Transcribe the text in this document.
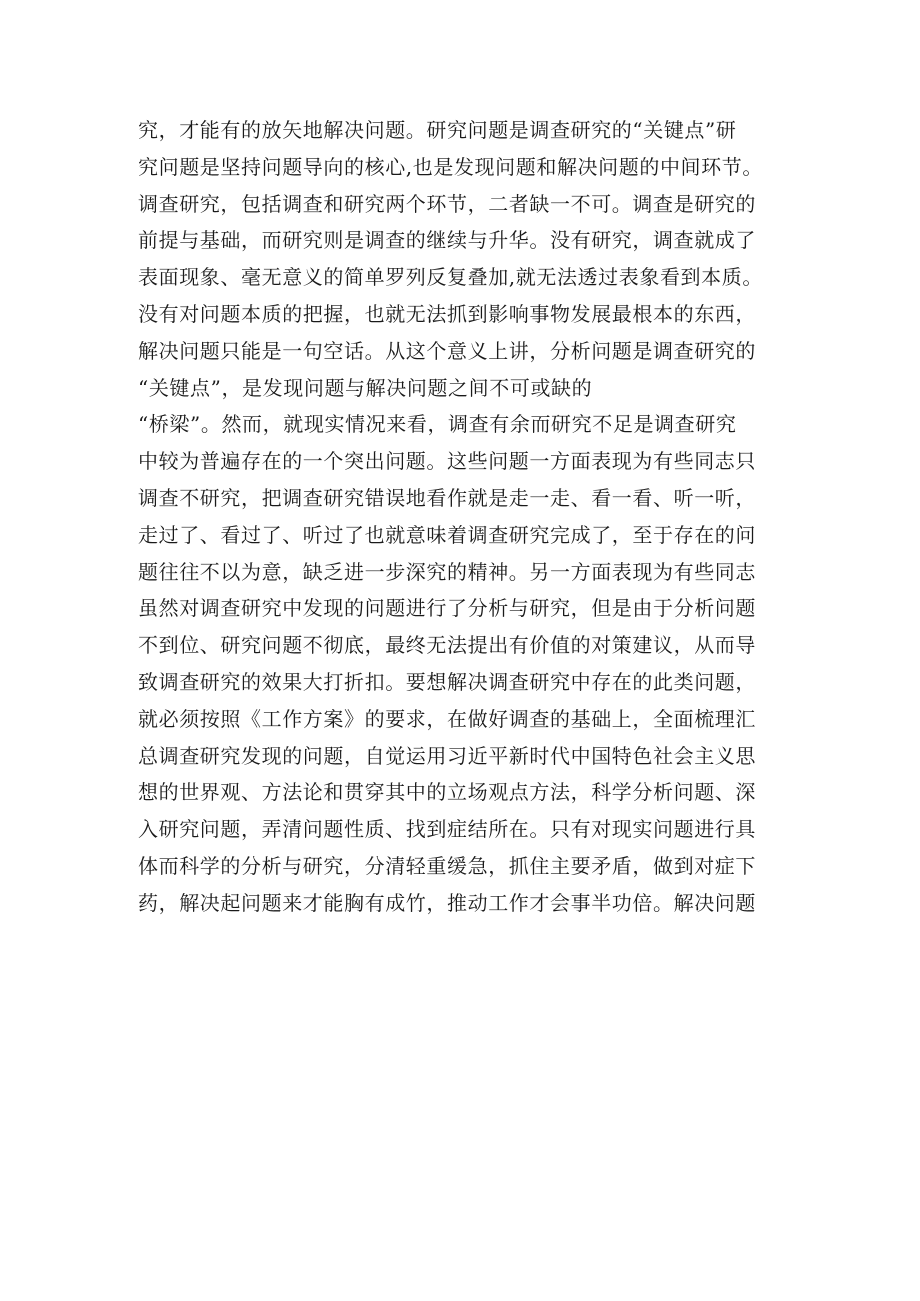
究，才能有的放矢地解决问题。研究问题是调查研究的“关键点”研
究问题是坚持问题导向的核心,也是发现问题和解决问题的中间环节。
调查研究，包括调查和研究两个环节，二者缺一不可。调查是研究的
前提与基础，而研究则是调查的继续与升华。没有研究，调查就成了
表面现象、毫无意义的简单罗列反复叠加,就无法透过表象看到本质。
没有对问题本质的把握，也就无法抓到影响事物发展最根本的东西，
解决问题只能是一句空话。从这个意义上讲，分析问题是调查研究的
“关键点”，是发现问题与解决问题之间不可或缺的
“桥梁”。然而，就现实情况来看，调查有余而研究不足是调查研究
中较为普遍存在的一个突出问题。这些问题一方面表现为有些同志只
调查不研究，把调查研究错误地看作就是走一走、看一看、听一听，
走过了、看过了、听过了也就意味着调查研究完成了，至于存在的问
题往往不以为意，缺乏进一步深究的精神。另一方面表现为有些同志
虽然对调查研究中发现的问题进行了分析与研究，但是由于分析问题
不到位、研究问题不彻底，最终无法提出有价值的对策建议，从而导
致调查研究的效果大打折扣。要想解决调查研究中存在的此类问题，
就必须按照《工作方案》的要求，在做好调查的基础上，全面梳理汇
总调查研究发现的问题，自觉运用习近平新时代中国特色社会主义思
想的世界观、方法论和贯穿其中的立场观点方法，科学分析问题、深
入研究问题，弄清问题性质、找到症结所在。只有对现实问题进行具
体而科学的分析与研究，分清轻重缓急，抓住主要矛盾，做到对症下
药，解决起问题来才能胸有成竹，推动工作才会事半功倍。解决问题
